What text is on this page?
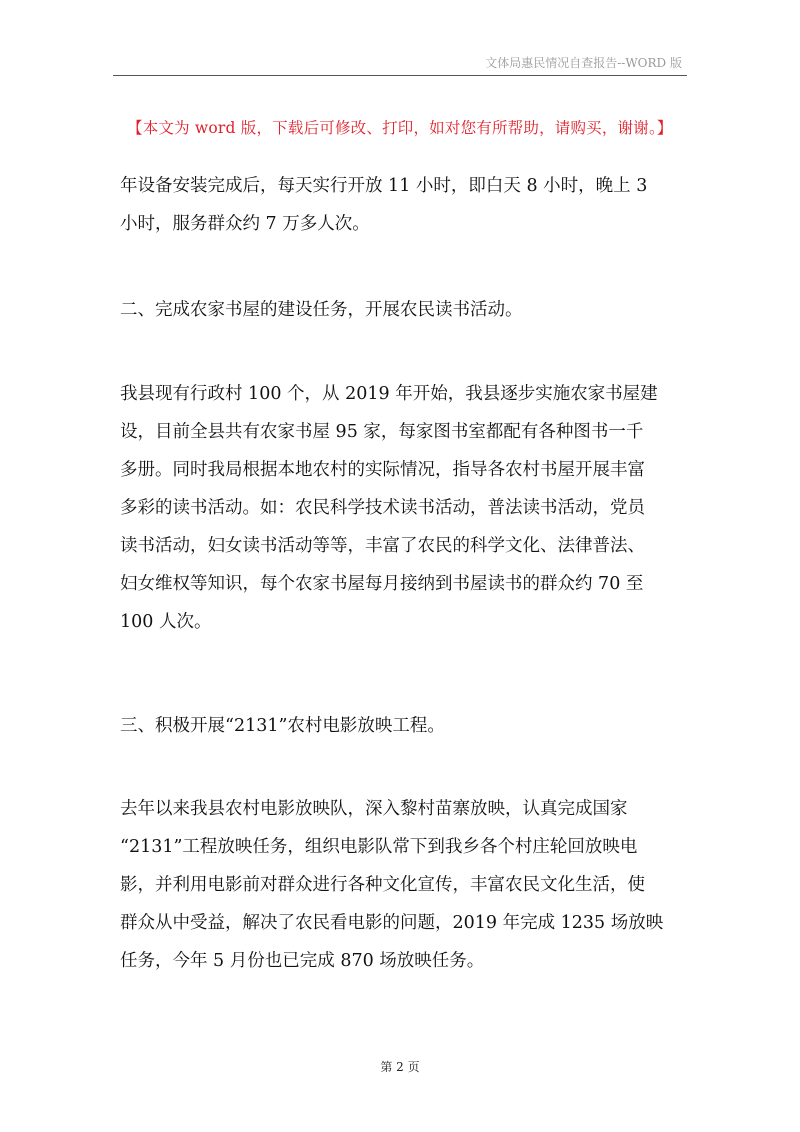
文体局惠民情况自查报告--WORD 版
【本文为 word 版，下载后可修改、打印，如对您有所帮助，请购买，谢谢。】
年设备安装完成后，每天实行开放 11 小时，即白天 8 小时，晚上 3
小时，服务群众约 7 万多人次。
二、完成农家书屋的建设任务，开展农民读书活动。
我县现有行政村 100 个，从 2019 年开始，我县逐步实施农家书屋建
设，目前全县共有农家书屋 95 家，每家图书室都配有各种图书一千
多册。同时我局根据本地农村的实际情况，指导各农村书屋开展丰富
多彩的读书活动。如：农民科学技术读书活动，普法读书活动，党员
读书活动，妇女读书活动等等，丰富了农民的科学文化、法律普法、
妇女维权等知识，每个农家书屋每月接纳到书屋读书的群众约 70 至
100 人次。
三、积极开展“2131”农村电影放映工程。
去年以来我县农村电影放映队，深入黎村苗寨放映，认真完成国家
“2131”工程放映任务，组织电影队常下到我乡各个村庄轮回放映电
影，并利用电影前对群众进行各种文化宣传，丰富农民文化生活，使
群众从中受益，解决了农民看电影的问题，2019 年完成 1235 场放映
任务，今年 5 月份也已完成 870 场放映任务。
第 2 页
